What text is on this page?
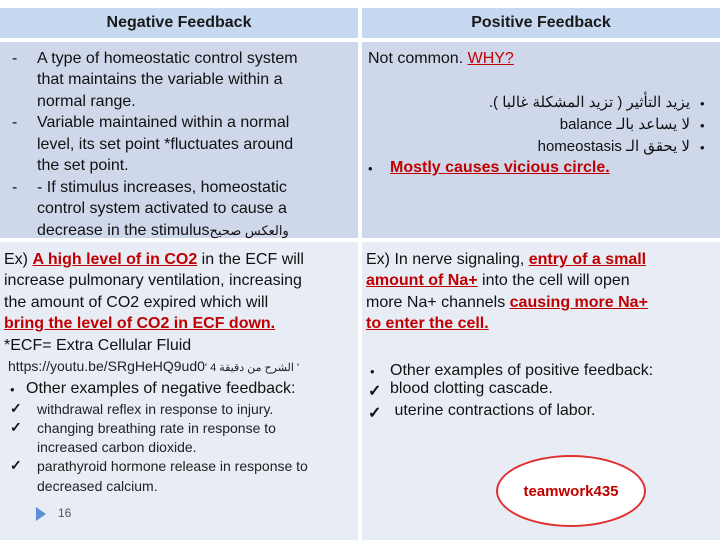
Negative Feedback	Positive Feedback
- A type of homeostatic control system
that maintains the variable within a
normal range.
- Variable maintained within a normal
level, its set point *fluctuates around
the set point.
- - If stimulus increases, homeostatic
control system activated to cause a
decrease in the stimulusوالعكس صحيح
Ex) A high level of in CO2 in the ECF will
increase pulmonary ventilation, increasing
the amount of CO2 expired which will
bring the level of CO2 in ECF down.
*ECF= Extra Cellular Fluid
https://youtu.be/SRgHeHQ9ud0' الشرح من دقيقة 4 '
• Other examples of negative feedback:
✓ withdrawal reflex in response to injury.
✓ changing breathing rate in response to
increased carbon dioxide.
✓ parathyroid hormone release in response to
decreased calcium.
Not common. WHY?
•
يزيد التأثير ( تزيد المشكلة غالبا ).
•
لا يساعد بالـ balance
•
لا يحقق الـ homeostasis
• Mostly causes vicious circle.
Ex) In nerve signaling, entry of a small
amount of Na+ into the cell will open
more Na+ channels causing more Na+
to enter the cell.
• Other examples of positive feedback:
✓ blood clotting cascade.
✓ uterine contractions of labor.
teamwork435
16
